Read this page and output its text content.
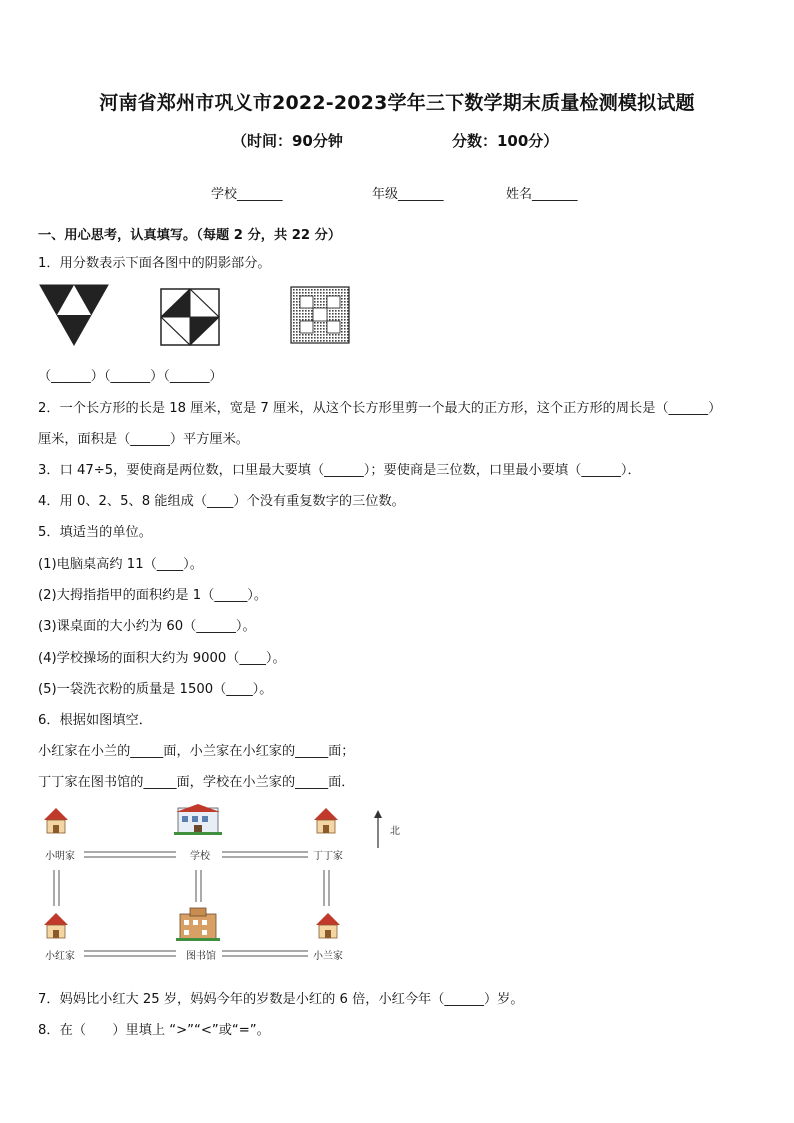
河南省郑州市巩义市2022-2023学年三下数学期末质量检测模拟试题
（时间：90分钟	分数：100分）
学校_______	年级_______	姓名_______
一、用心思考，认真填写。（每题 2 分，共 22 分）
1．用分数表示下面各图中的阴影部分。
（______）（______）（______）
2．一个长方形的长是 18 厘米，宽是 7 厘米，从这个长方形里剪一个最大的正方形，这个正方形的周长是（______）
厘米，面积是（______）平方厘米。
3．口 47÷5，要使商是两位数，口里最大要填（______）；要使商是三位数，口里最小要填（______）．
4．用 0、2、5、8 能组成（____）个没有重复数字的三位数。
5．填适当的单位。
(1)电脑桌高约 11（____）。
(2)大拇指指甲的面积约是 1（_____）。
(3)课桌面的大小约为 60（______）。
(4)学校操场的面积大约为 9000（____）。
(5)一袋洗衣粉的质量是 1500（____）。
6．根据如图填空．
小红家在小兰的_____面，小兰家在小红家的_____面；
丁丁家在图书馆的_____面，学校在小兰家的_____面．
小明家	学校	丁丁家
小红家	图书馆	小兰家
北
7．妈妈比小红大 25 岁，妈妈今年的岁数是小红的 6 倍，小红今年（______）岁。
8．在（　　）里填上 “>”“<”或“=”。
